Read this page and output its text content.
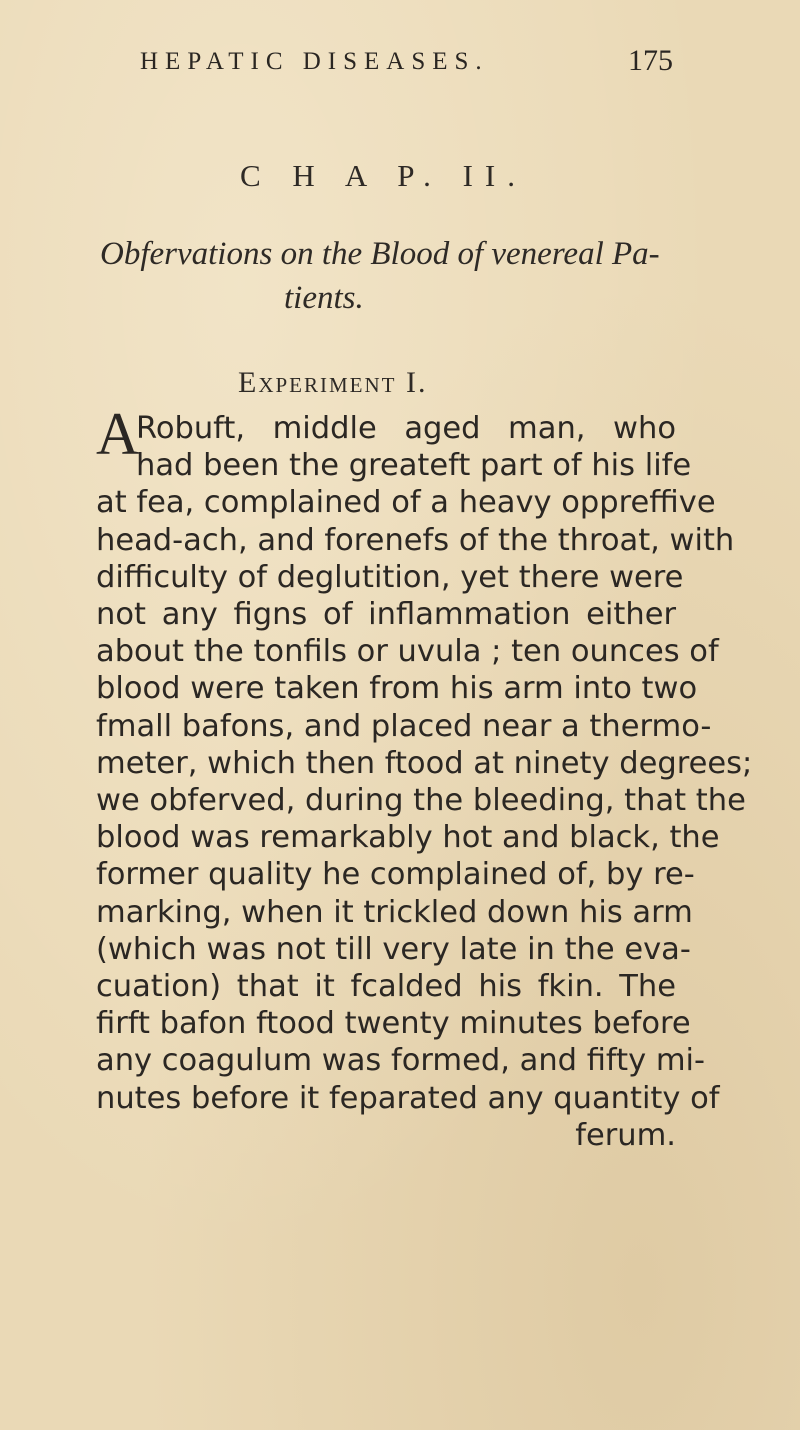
HEPATIC DISEASES.	175
C H A P. II.
Obfervations on the Blood of venereal Pa-
tients.
Experiment I.
A
Robuft, middle aged man, who
had been the greateft part of his life
at fea, complained of a heavy oppreffive
head-ach, and forenefs of the throat, with
difficulty of deglutition, yet there were
not any figns of inflammation either
about the tonfils or uvula ; ten ounces of
blood were taken from his arm into two
fmall bafons, and placed near a thermo-
meter, which then ftood at ninety degrees;
we obferved, during the bleeding, that the
blood was remarkably hot and black, the
former quality he complained of, by re-
marking, when it trickled down his arm
(which was not till very late in the eva-
cuation) that it fcalded his fkin. The
firft bafon ftood twenty minutes before
any coagulum was formed, and fifty mi-
nutes before it feparated any quantity of
ferum.
